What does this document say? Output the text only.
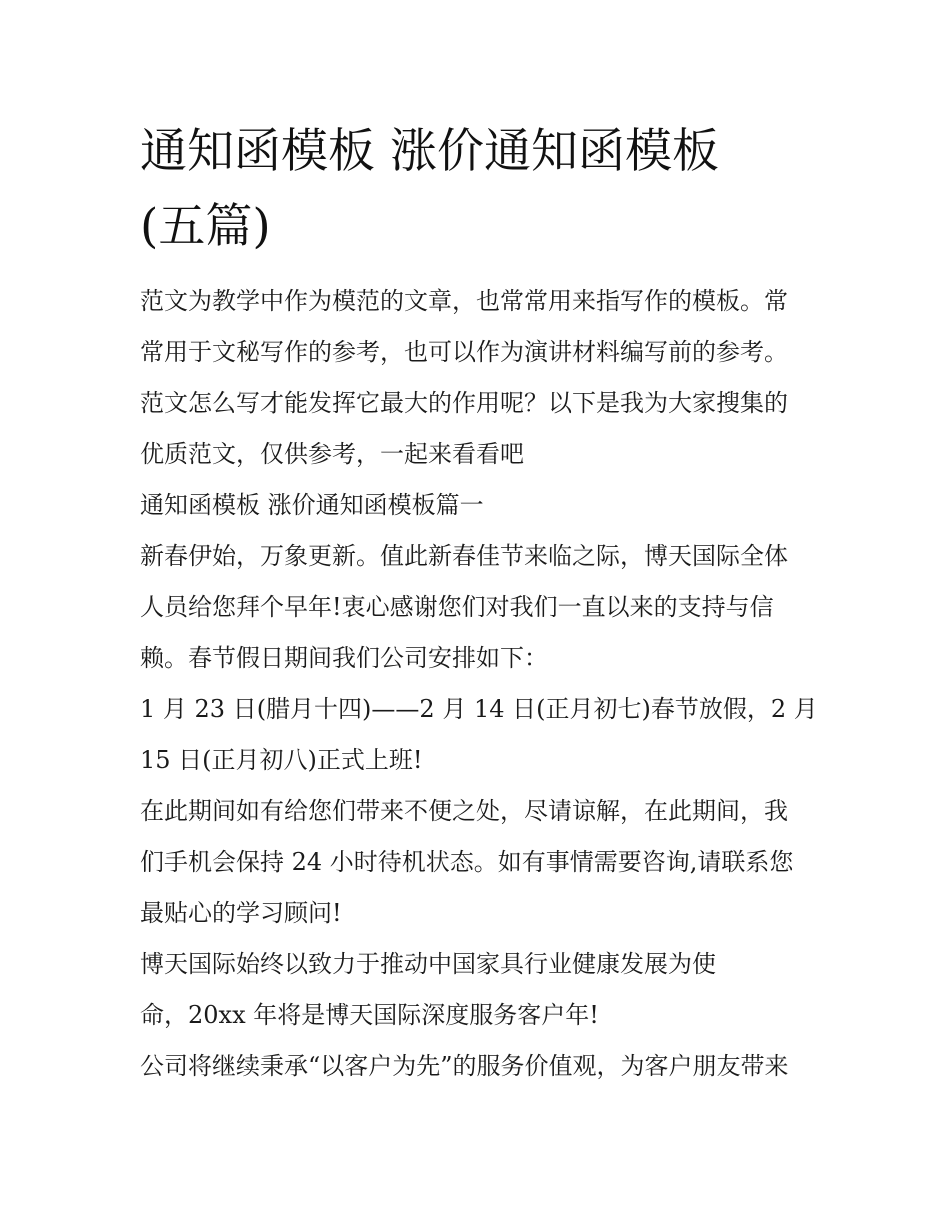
通知函模板 涨价通知函模板
(五篇)
范文为教学中作为模范的文章，也常常用来指写作的模板。常
常用于文秘写作的参考，也可以作为演讲材料编写前的参考。
范文怎么写才能发挥它最大的作用呢？以下是我为大家搜集的
优质范文，仅供参考，一起来看看吧
通知函模板 涨价通知函模板篇一
新春伊始，万象更新。值此新春佳节来临之际，博天国际全体
人员给您拜个早年!衷心感谢您们对我们一直以来的支持与信
赖。春节假日期间我们公司安排如下：
1 月 23 日(腊月十四)——2 月 14 日(正月初七)春节放假，2 月
15 日(正月初八)正式上班!
在此期间如有给您们带来不便之处，尽请谅解，在此期间，我
们手机会保持 24 小时待机状态。如有事情需要咨询,请联系您
最贴心的学习顾问!
博天国际始终以致力于推动中国家具行业健康发展为使
命，20xx 年将是博天国际深度服务客户年!
公司将继续秉承“以客户为先”的服务价值观，为客户朋友带来
